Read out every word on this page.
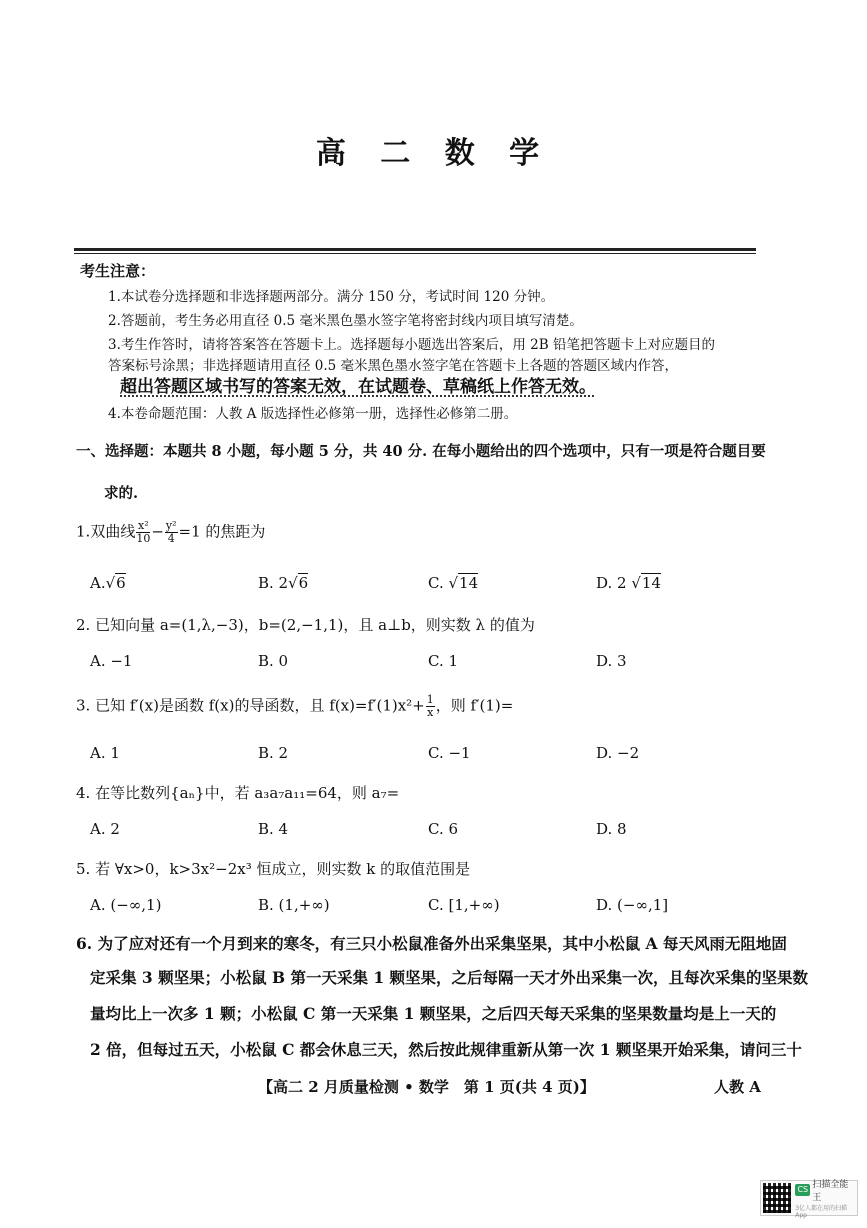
高 二 数 学
考生注意：
1.本试卷分选择题和非选择题两部分。满分 150 分，考试时间 120 分钟。
2.答题前，考生务必用直径 0.5 毫米黑色墨水签字笔将密封线内项目填写清楚。
3.考生作答时，请将答案答在答题卡上。选择题每小题选出答案后，用 2B 铅笔把答题卡上对应题目的
答案标号涂黑；非选择题请用直径 0.5 毫米黑色墨水签字笔在答题卡上各题的答题区域内作答，
超出答题区域书写的答案无效，在试题卷、草稿纸上作答无效。
4.本卷命题范围：人教 A 版选择性必修第一册，选择性必修第二册。
一、选择题：本题共 8 小题，每小题 5 分，共 40 分. 在每小题给出的四个选项中，只有一项是符合题目要
求的.
1.双曲线 $\frac{\text{x²}}{10} - \frac{\text{y²}}{4} =1$ 的焦距为
A.√6	B. 2√6	C. √14	D. 2 √14
2. 已知向量 a=(1,λ,−3)，b=(2,−1,1)，且 a⊥b，则实数 λ 的值为
A. −1	B. 0	C. 1	D. 3
3. 已知 f′(x)是函数 f(x)的导函数，且 $f(x)=f'(1)x^2+ \frac{1}{x}$ ，则 f′(1)=
A. 1	B. 2	C. −1	D. −2
4. 在等比数列{aₙ}中，若 a₃a₇a₁₁=64，则 a₇=
A. 2	B. 4	C. 6	D. 8
5. 若 ∀x>0，k>3x²−2x³ 恒成立，则实数 k 的取值范围是
A. (−∞,1)	B. (1,+∞)	C. [1,+∞)	D. (−∞,1]
6. 为了应对还有一个月到来的寒冬，有三只小松鼠准备外出采集坚果，其中小松鼠 A 每天风雨无阻地固
定采集 3 颗坚果；小松鼠 B 第一天采集 1 颗坚果，之后每隔一天才外出采集一次，且每次采集的坚果数
量均比上一次多 1 颗；小松鼠 C 第一天采集 1 颗坚果，之后四天每天采集的坚果数量均是上一天的
2 倍，但每过五天，小松鼠 C 都会休息三天，然后按此规律重新从第一次 1 颗坚果开始采集，请问三十
【高二 2 月质量检测 • 数学　第 1 页(共 4 页)】	人教 A
CS 扫描全能王
3亿人都在用的扫描App
